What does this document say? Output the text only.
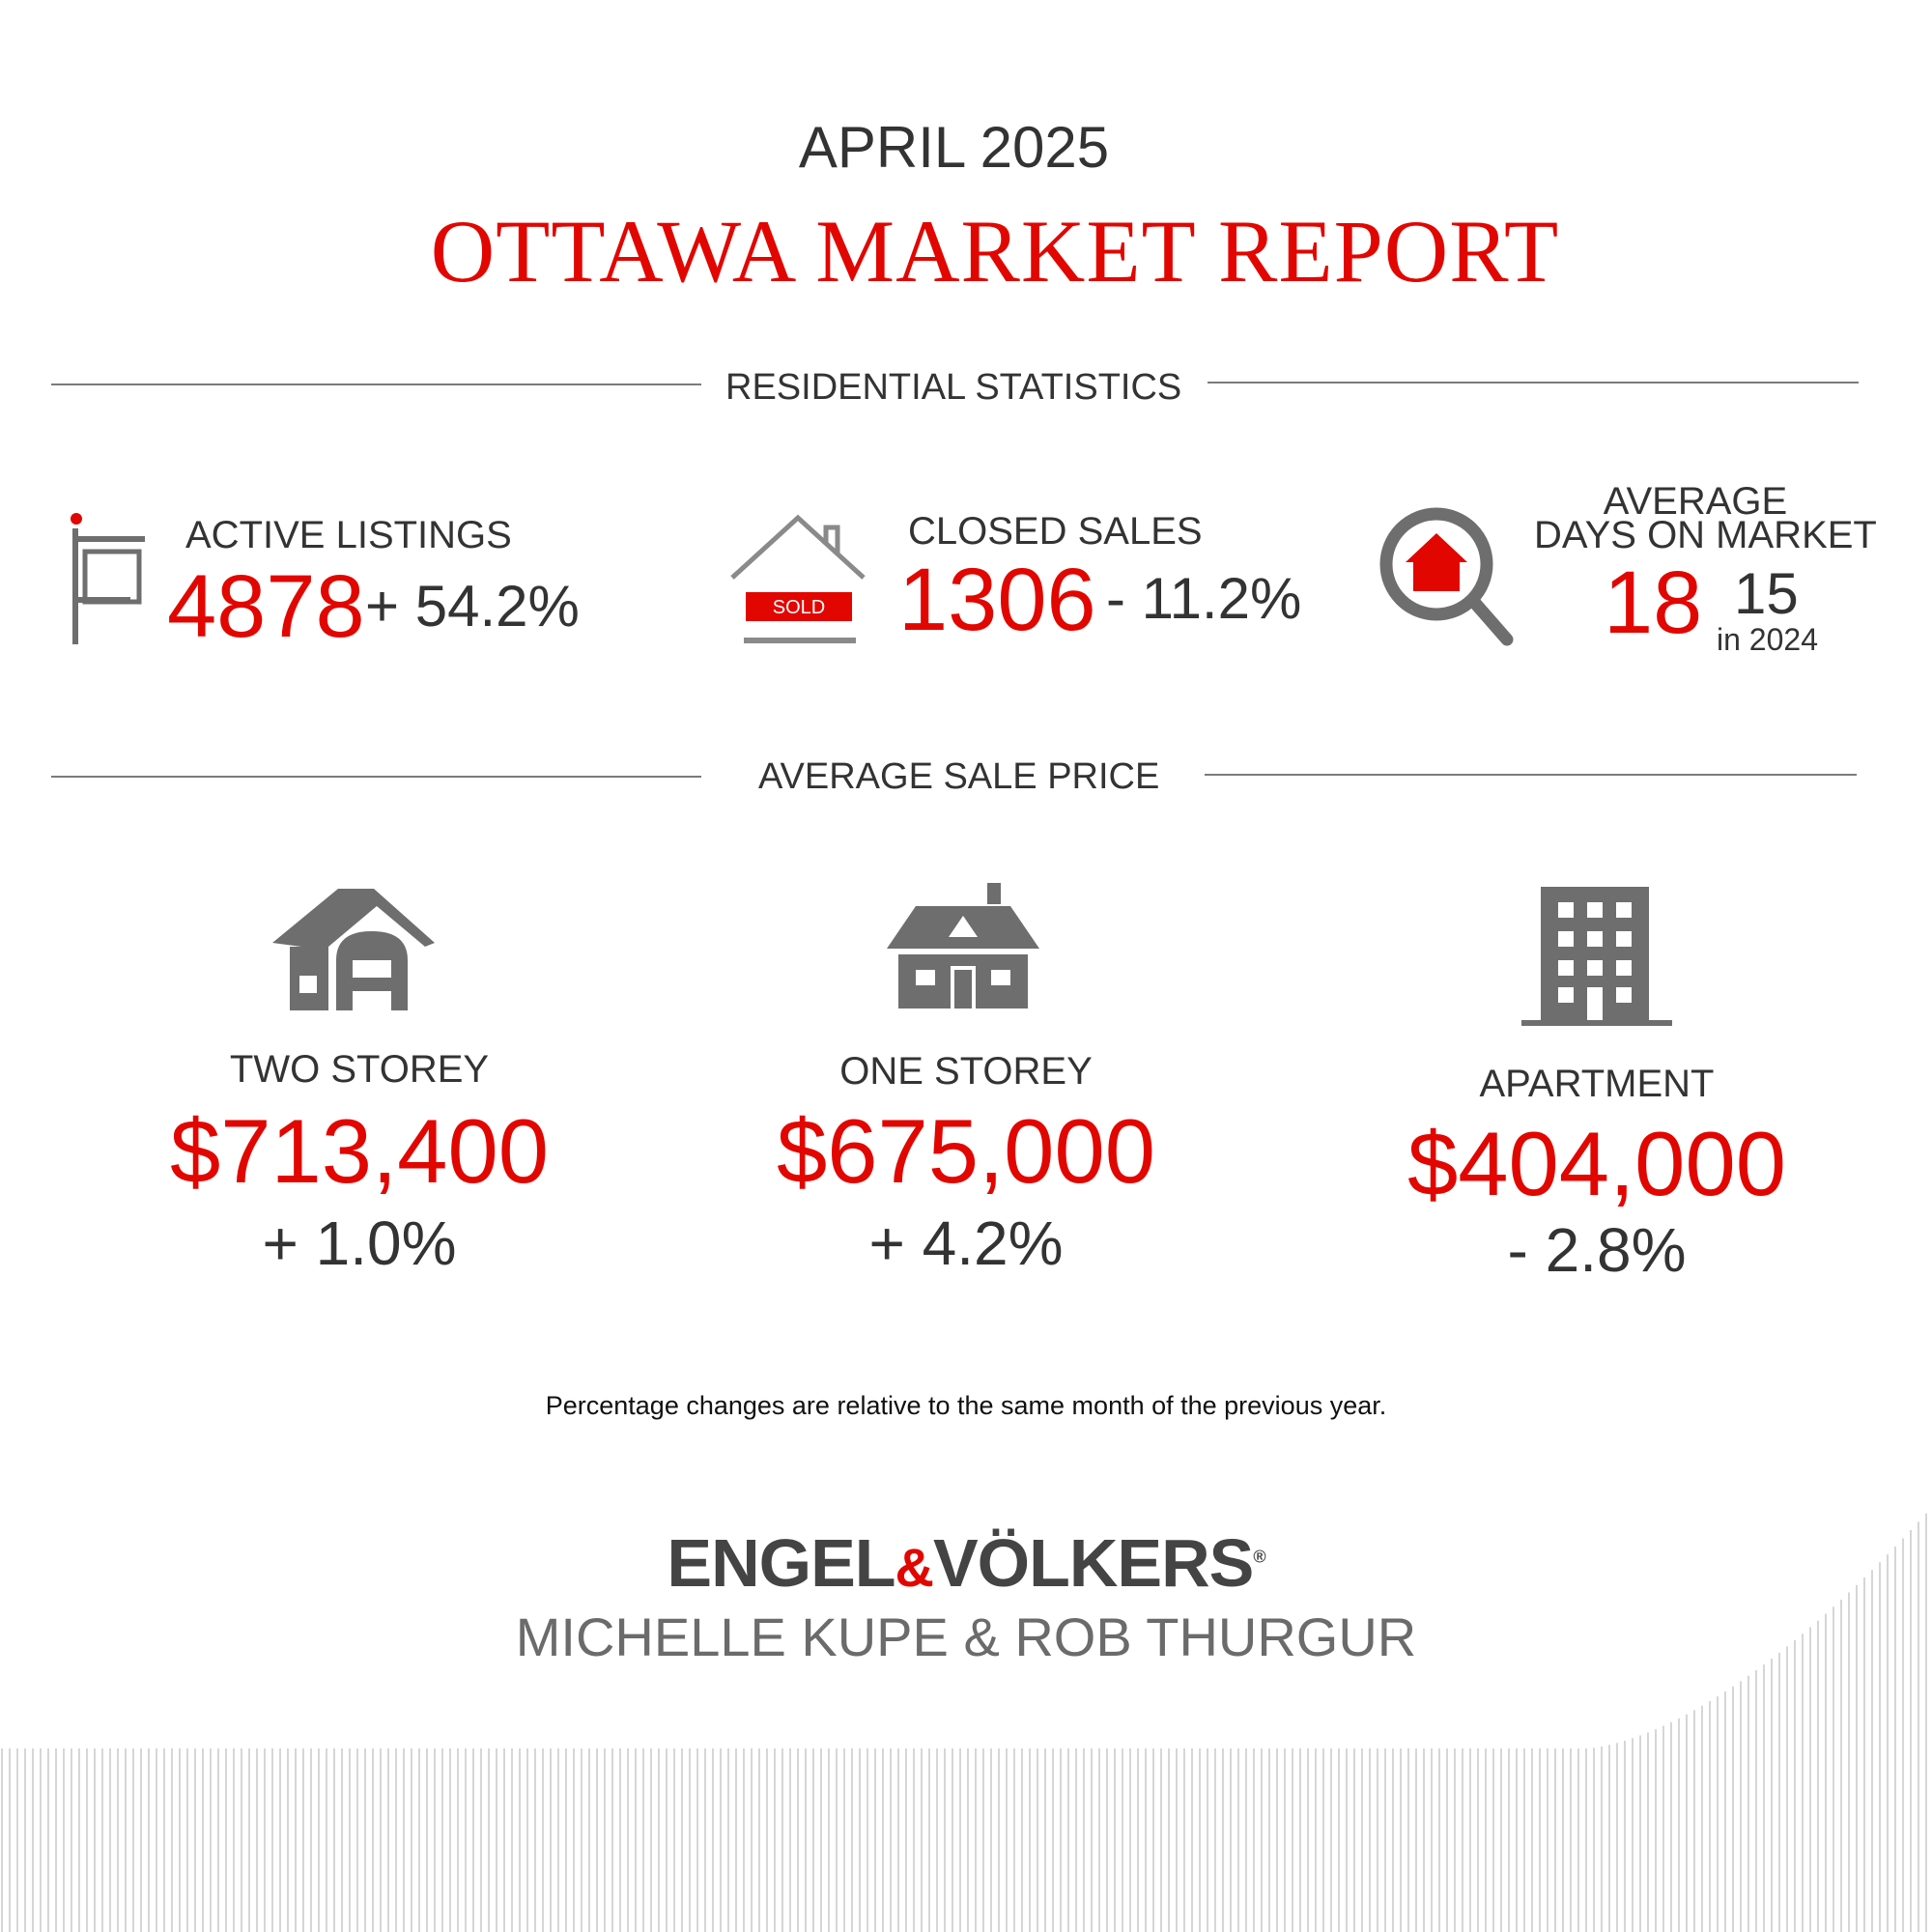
APRIL 2025
OTTAWA MARKET REPORT
RESIDENTIAL STATISTICS
ACTIVE LISTINGS
4878 + 54.2%	SOLD
CLOSED SALES
1306 - 11.2%
AVERAGE
DAYS ON MARKET
18 15
in 2024
AVERAGE SALE PRICE
TWO STOREY
$713,400
+ 1.0%
ONE STOREY
$675,000
+ 4.2%
APARTMENT
$404,000
- 2.8%
Percentage changes are relative to the same month of the previous year.
ENGEL&VÖLKERS®
MICHELLE KUPE & ROB THURGUR
